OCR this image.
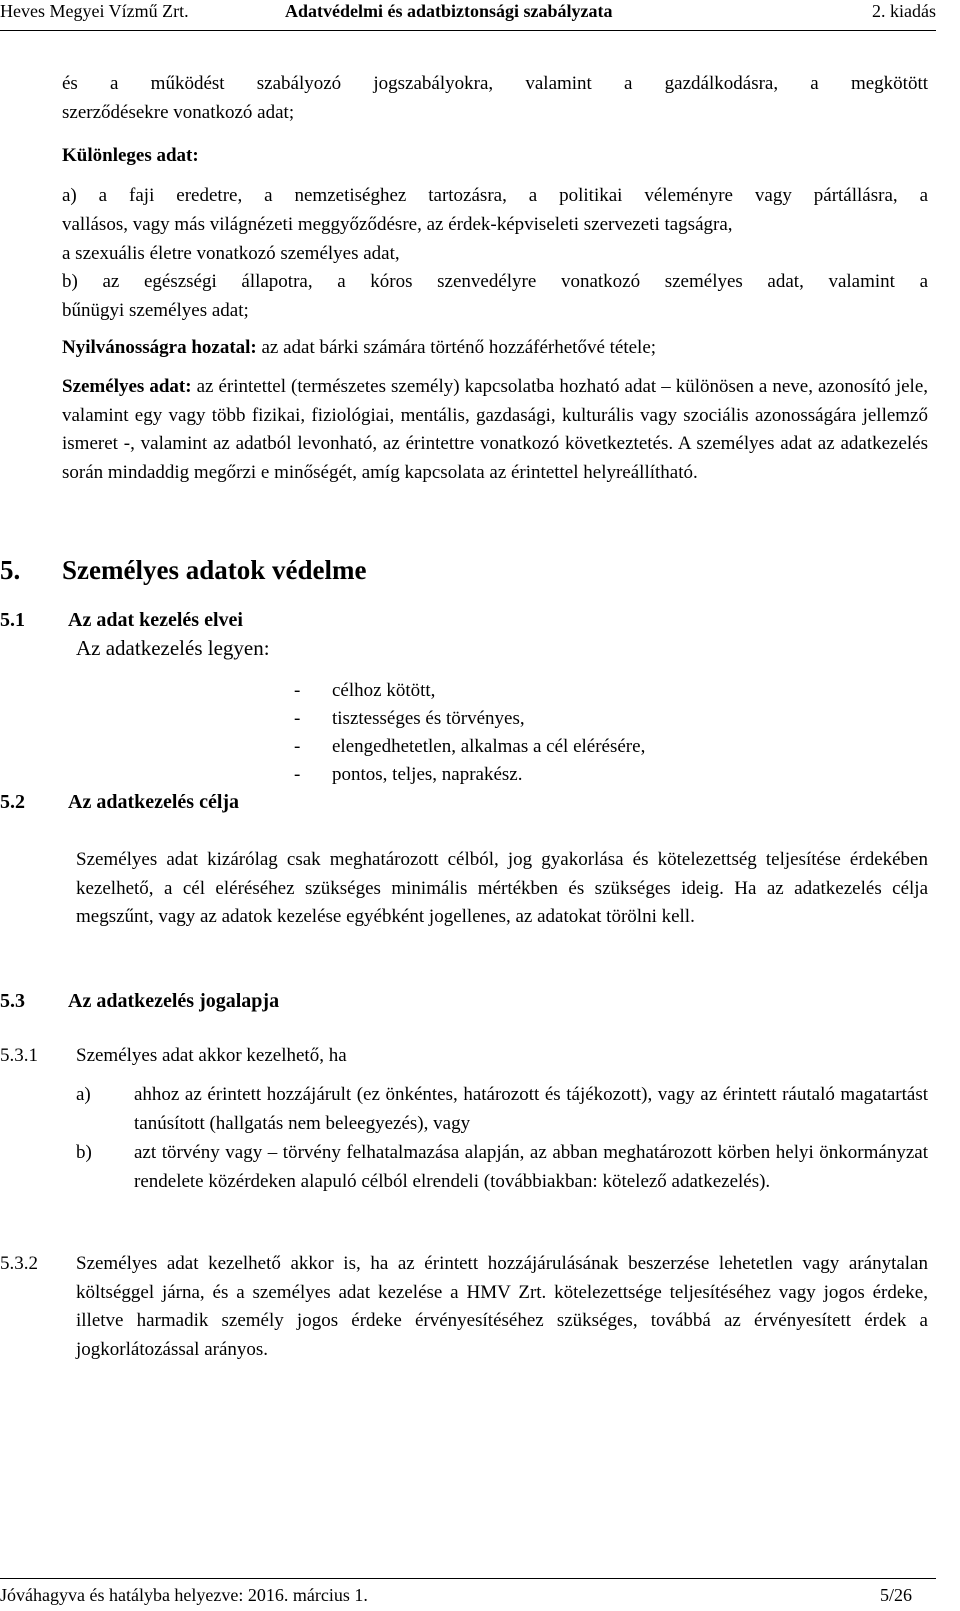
Heves Megyei Vízmű Zrt.	Adatvédelmi és adatbiztonsági szabályzata	2. kiadás
és a működést szabályozó jogszabályokra, valamint a gazdálkodásra, a megkötött
szerződésekre vonatkozó adat;
Különleges adat:
a) a faji eredetre, a nemzetiséghez tartozásra, a politikai véleményre vagy pártállásra, a
vallásos, vagy más világnézeti meggyőződésre, az érdek-képviseleti szervezeti tagságra,
a szexuális életre vonatkozó személyes adat,
b) az egészségi állapotra, a kóros szenvedélyre vonatkozó személyes adat, valamint a
bűnügyi személyes adat;
Nyilvánosságra hozatal: az adat bárki számára történő hozzáférhetővé tétele;
Személyes adat: az érintettel (természetes személy) kapcsolatba hozható adat – különösen a neve, azonosító jele, valamint egy vagy több fizikai, fiziológiai, mentális, gazdasági, kulturális vagy szociális azonosságára jellemző ismeret -, valamint az adatból levonható, az érintettre vonatkozó következtetés. A személyes adat az adatkezelés során mindaddig megőrzi e minőségét, amíg kapcsolata az érintettel helyreállítható.
5. Személyes adatok védelme
5.1 Az adat kezelés elvei
Az adatkezelés legyen:
- célhoz kötött,
- tisztességes és törvényes,
- elengedhetetlen, alkalmas a cél elérésére,
- pontos, teljes, naprakész.
5.2 Az adatkezelés célja
Személyes adat kizárólag csak meghatározott célból, jog gyakorlása és kötelezettség teljesítése érdekében kezelhető, a cél eléréséhez szükséges minimális mértékben és szükséges ideig. Ha az adatkezelés célja megszűnt, vagy az adatok kezelése egyébként jogellenes, az adatokat törölni kell.
5.3 Az adatkezelés jogalapja
5.3.1 Személyes adat akkor kezelhető, ha
a) ahhoz az érintett hozzájárult (ez önkéntes, határozott és tájékozott), vagy az érintett ráutaló magatartást tanúsított (hallgatás nem beleegyezés), vagy
b) azt törvény vagy – törvény felhatalmazása alapján, az abban meghatározott körben helyi önkormányzat rendelete közérdeken alapuló célból elrendeli (továbbiakban: kötelező adatkezelés).
5.3.2 Személyes adat kezelhető akkor is, ha az érintett hozzájárulásának beszerzése lehetetlen vagy aránytalan költséggel járna, és a személyes adat kezelése a HMV Zrt. kötelezettsége teljesítéséhez vagy jogos érdeke, illetve harmadik személy jogos érdeke érvényesítéséhez szükséges, továbbá az érvényesített érdek a jogkorlátozással arányos.
Jóváhagyva és hatályba helyezve: 2016. március 1.	5/26
